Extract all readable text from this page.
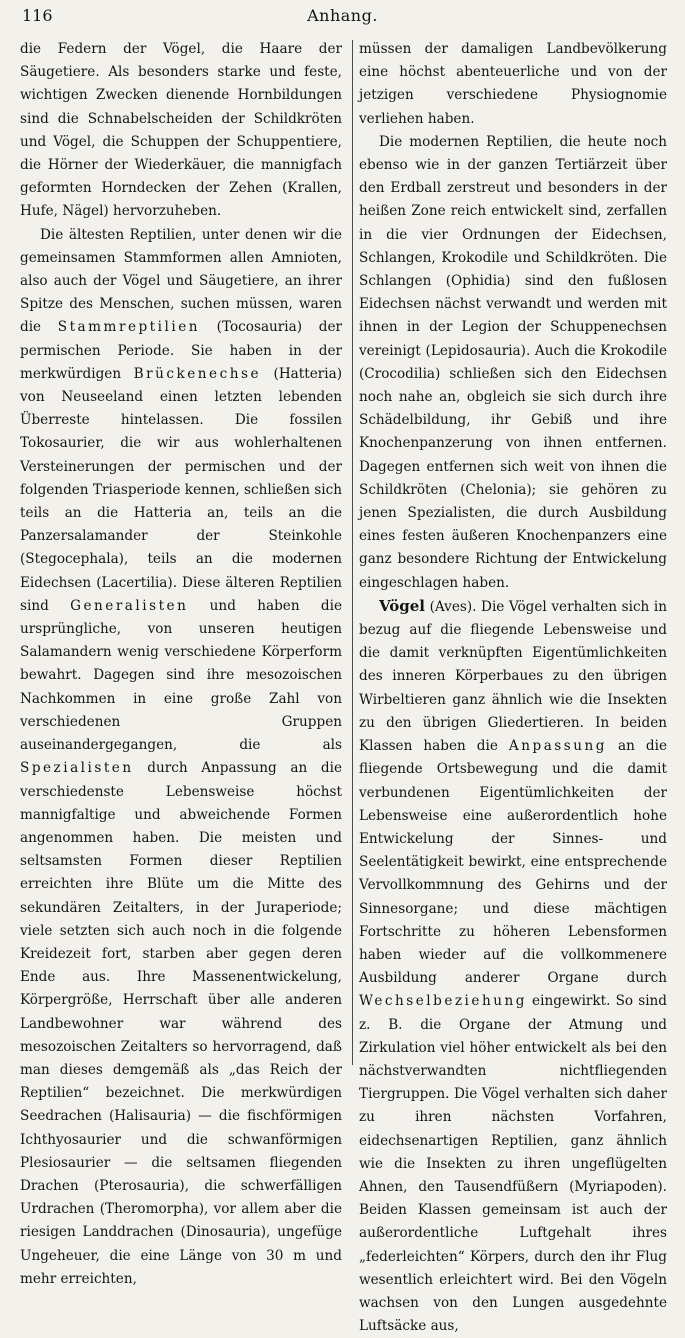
116	Anhang.

die Federn der Vögel, die Haare der Säugetiere. Als besonders starke und feste, wichtigen Zwecken dienende Hornbildungen sind die Schnabelscheiden der Schildkröten und Vögel, die Schuppen der Schuppentiere, die Hörner der Wiederkäuer, die mannigfach geformten Horndecken der Zehen (Krallen, Hufe, Nägel) hervorzuheben.

Die ältesten Reptilien, unter denen wir die gemeinsamen Stammformen allen Amnioten, also auch der Vögel und Säugetiere, an ihrer Spitze des Menschen, suchen müssen, waren die Stammreptilien (Tocosauria) der permischen Periode. Sie haben in der merkwürdigen Brückenechse (Hatteria) von Neuseeland einen letzten lebenden Überreste hintelassen. Die fossilen Tokosaurier, die wir aus wohlerhaltenen Versteinerungen der permischen und der folgenden Triasperiode kennen, schließen sich teils an die Hatteria an, teils an die Panzersalamander der Steinkohle (Stegocephala), teils an die modernen Eidechsen (Lacertilia). Diese älteren Reptilien sind Generalisten und haben die ursprüngliche, von unseren heutigen Salamandern wenig verschiedene Körperform bewahrt. Dagegen sind ihre mesozoischen Nachkommen in eine große Zahl von verschiedenen Gruppen auseinandergegangen, die als Spezialisten durch Anpassung an die verschiedenste Lebensweise höchst mannigfaltige und abweichende Formen angenommen haben. Die meisten und seltsamsten Formen dieser Reptilien erreichten ihre Blüte um die Mitte des sekundären Zeitalters, in der Juraperiode; viele setzten sich auch noch in die folgende Kreidezeit fort, starben aber gegen deren Ende aus. Ihre Massenentwickelung, Körpergröße, Herrschaft über alle anderen Landbewohner war während des mesozoischen Zeitalters so hervorragend, daß man dieses demgemäß als „das Reich der Reptilien“ bezeichnet. Die merkwürdigen Seedrachen (Halisauria) — die fischförmigen Ichthyosaurier und die schwanförmigen Plesiosaurier — die seltsamen fliegenden Drachen (Pterosauria), die schwerfälligen Urdrachen (Theromorpha), vor allem aber die riesigen Landdrachen (Dinosauria), ungefüge Ungeheuer, die eine Länge von 30 m und mehr erreichten,

müssen der damaligen Landbevölkerung eine höchst abenteuerliche und von der jetzigen verschiedene Physiognomie verliehen haben.

Die modernen Reptilien, die heute noch ebenso wie in der ganzen Tertiärzeit über den Erdball zerstreut und besonders in der heißen Zone reich entwickelt sind, zerfallen in die vier Ordnungen der Eidechsen, Schlangen, Krokodile und Schildkröten. Die Schlangen (Ophidia) sind den fußlosen Eidechsen nächst verwandt und werden mit ihnen in der Legion der Schuppenechsen vereinigt (Lepidosauria). Auch die Krokodile (Crocodilia) schließen sich den Eidechsen noch nahe an, obgleich sie sich durch ihre Schädelbildung, ihr Gebiß und ihre Knochenpanzerung von ihnen entfernen. Dagegen entfernen sich weit von ihnen die Schildkröten (Chelonia); sie gehören zu jenen Spezialisten, die durch Ausbildung eines festen äußeren Knochenpanzers eine ganz besondere Richtung der Entwickelung eingeschlagen haben.

Vögel (Aves). Die Vögel verhalten sich in bezug auf die fliegende Lebensweise und die damit verknüpften Eigentümlichkeiten des inneren Körperbaues zu den übrigen Wirbeltieren ganz ähnlich wie die Insekten zu den übrigen Gliedertieren. In beiden Klassen haben die Anpassung an die fliegende Ortsbewegung und die damit verbundenen Eigentümlichkeiten der Lebensweise eine außerordentlich hohe Entwickelung der Sinnes- und Seelentätigkeit bewirkt, eine entsprechende Vervollkommnung des Gehirns und der Sinnesorgane; und diese mächtigen Fortschritte zu höheren Lebensformen haben wieder auf die vollkommenere Ausbildung anderer Organe durch Wechselbeziehung eingewirkt. So sind z. B. die Organe der Atmung und Zirkulation viel höher entwickelt als bei den nächstverwandten nichtfliegenden Tiergruppen. Die Vögel verhalten sich daher zu ihren nächsten Vorfahren, eidechsenartigen Reptilien, ganz ähnlich wie die Insekten zu ihren ungeflügelten Ahnen, den Tausendfüßern (Myriapoden). Beiden Klassen gemeinsam ist auch der außerordentliche Luftgehalt ihres „federleichten“ Körpers, durch den ihr Flug wesentlich erleichtert wird. Bei den Vögeln wachsen von den Lungen ausgedehnte Luftsäcke aus,
